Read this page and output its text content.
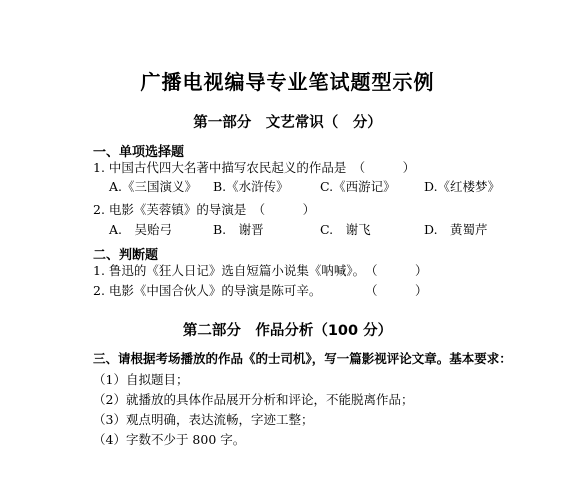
广播电视编导专业笔试题型示例
第一部分　文艺常识（　分）
一、单项选择题
1. 中国古代四大名著中描写农民起义的作品是　（　　　）
A.《三国演义》 B.《水浒传》	C.《西游记》 D.《红楼梦》
2. 电影《芙蓉镇》的导演是　（　　　）
A.　吴贻弓	B.　谢晋	C.　谢飞	D.　黄蜀芹
二、判断题
1. 鲁迅的《狂人日记》选自短篇小说集《呐喊》。 （　　　）
2. 电影《中国合伙人》的导演是陈可辛。	（　　　）
第二部分　作品分析（100 分）
三、请根据考场播放的作品《的士司机》，写一篇影视评论文章。基本要求：
（1）自拟题目；
（2）就播放的具体作品展开分析和评论，不能脱离作品；
（3）观点明确，表达流畅，字迹工整；
（4）字数不少于 800 字。
